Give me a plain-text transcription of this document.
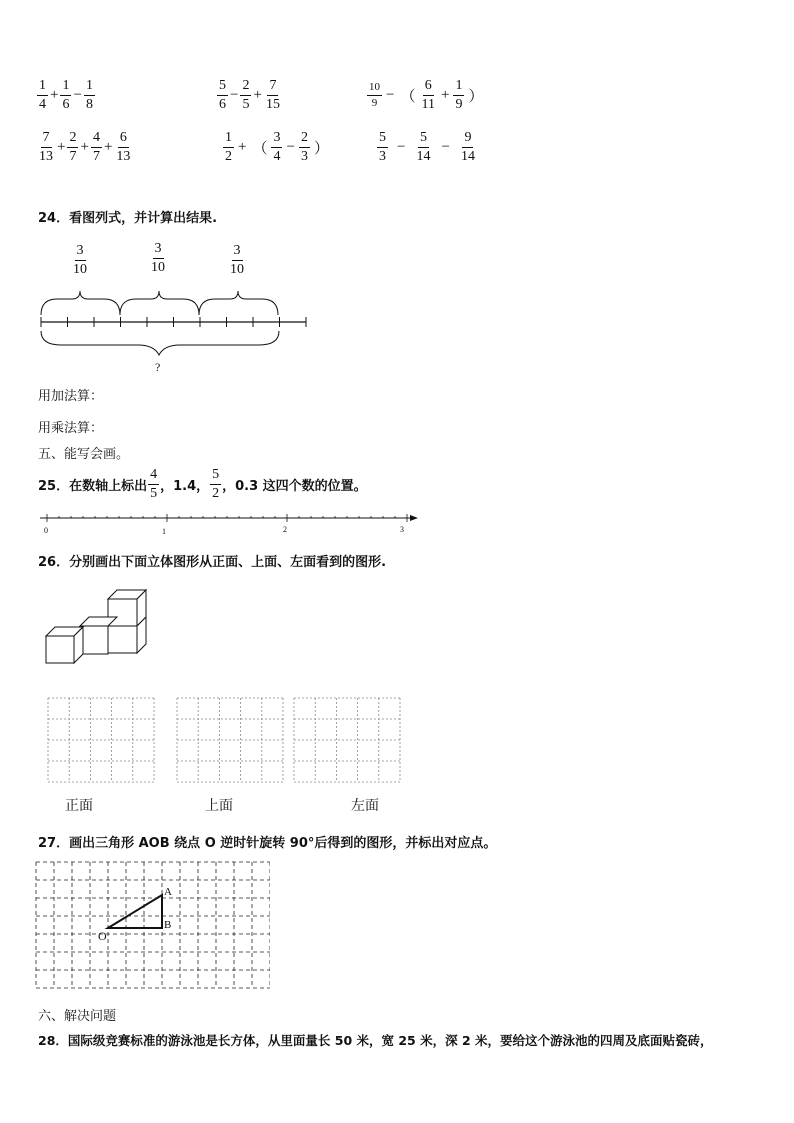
$\frac{1}{4} + \frac{1}{6} - \frac{1}{8}$	$\frac{5}{6} - \frac{2}{5} + \frac{7}{15}$	$\frac{10}{9}$ − （ $\frac{6}{11} + \frac{1}{9}$ ）
$\frac{7}{13} + \frac{2}{7} + \frac{4}{7} + \frac{6}{13}$	$\frac{1}{2}$ + （ $\frac{3}{4} - \frac{2}{3}$ ）	$\frac{5}{3} - \frac{5}{14} - \frac{9}{14}$
24．看图列式，并计算出结果.
$\frac{3}{10}$	$\frac{3}{10}$	$\frac{3}{10}$
?
用加法算：
用乘法算：
五、能写会画。
25．在数轴上标出 $\frac{4}{5}$ ，1.4， $\frac{5}{2}$ ，0.3 这四个数的位置。
0	1	2	3
26．分别画出下面立体图形从正面、上面、左面看到的图形.
正面	上面	左面
27．画出三角形 AOB 绕点 O 逆时针旋转 90°后得到的图形，并标出对应点。
A
B
O
六、解决问题
28．国际级竞赛标准的游泳池是长方体，从里面量长 50 米，宽 25 米，深 2 米，要给这个游泳池的四周及底面贴瓷砖，
